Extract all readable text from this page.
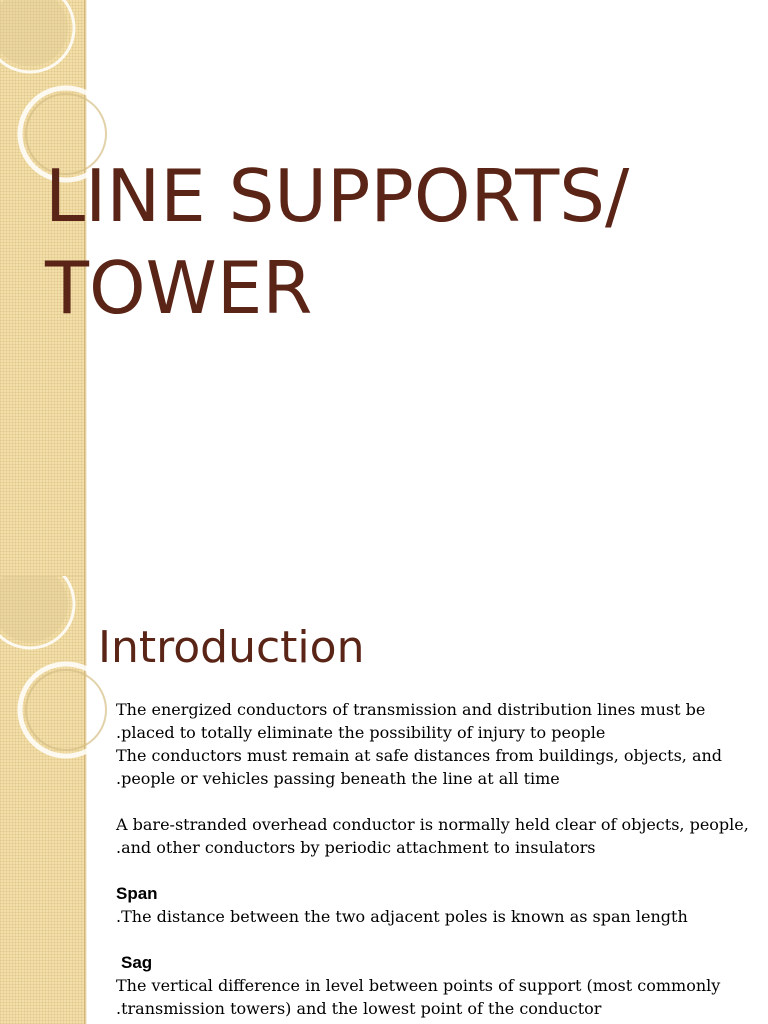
LINE SUPPORTS/
TOWER
Introduction
The energized conductors of transmission and distribution lines must be
.placed to totally eliminate the possibility of injury to people
The conductors must remain at safe distances from buildings, objects, and
.people or vehicles passing beneath the line at all time
A bare-stranded overhead conductor is normally held clear of objects, people,
.and other conductors by periodic attachment to insulators
Span
.The distance between the two adjacent poles is known as span length
Sag
The vertical difference in level between points of support (most commonly
.transmission towers) and the lowest point of the conductor
